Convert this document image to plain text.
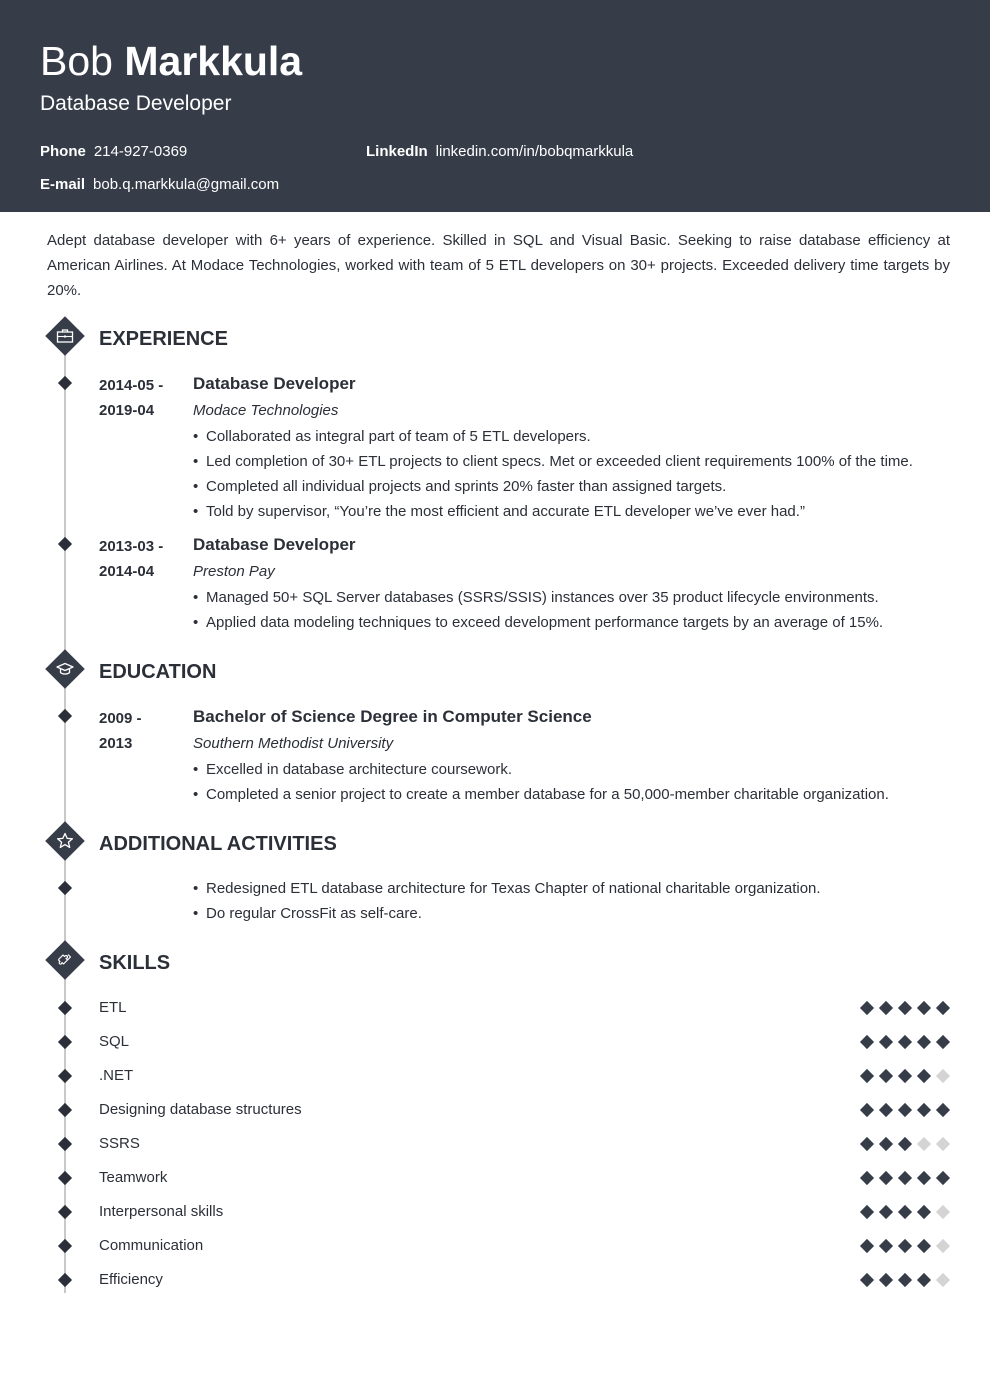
Bob Markkula
Database Developer
Phone 214-927-0369	LinkedIn linkedin.com/in/bobqmarkkula
E-mail bob.q.markkula@gmail.com

Adept database developer with 6+ years of experience. Skilled in SQL and Visual Basic. Seeking to raise database efficiency at American Airlines. At Modace Technologies, worked with team of 5 ETL developers on 30+ projects. Exceeded delivery time targets by 20%.

EXPERIENCE
2014-05 -
2019-04
Database Developer
Modace Technologies
• Collaborated as integral part of team of 5 ETL developers.
• Led completion of 30+ ETL projects to client specs. Met or exceeded client requirements 100% of the time.
• Completed all individual projects and sprints 20% faster than assigned targets.
• Told by supervisor, “You’re the most efficient and accurate ETL developer we’ve ever had.”
2013-03 -
2014-04
Database Developer
Preston Pay
• Managed 50+ SQL Server databases (SSRS/SSIS) instances over 35 product lifecycle environments.
• Applied data modeling techniques to exceed development performance targets by an average of 15%.
EDUCATION
2009 -
2013
Bachelor of Science Degree in Computer Science
Southern Methodist University
• Excelled in database architecture coursework.
• Completed a senior project to create a member database for a 50,000-member charitable organization.
ADDITIONAL ACTIVITIES
• Redesigned ETL database architecture for Texas Chapter of national charitable organization.
• Do regular CrossFit as self-care.
SKILLS
ETL
SQL
.NET
Designing database structures
SSRS
Teamwork
Interpersonal skills
Communication
Efficiency
